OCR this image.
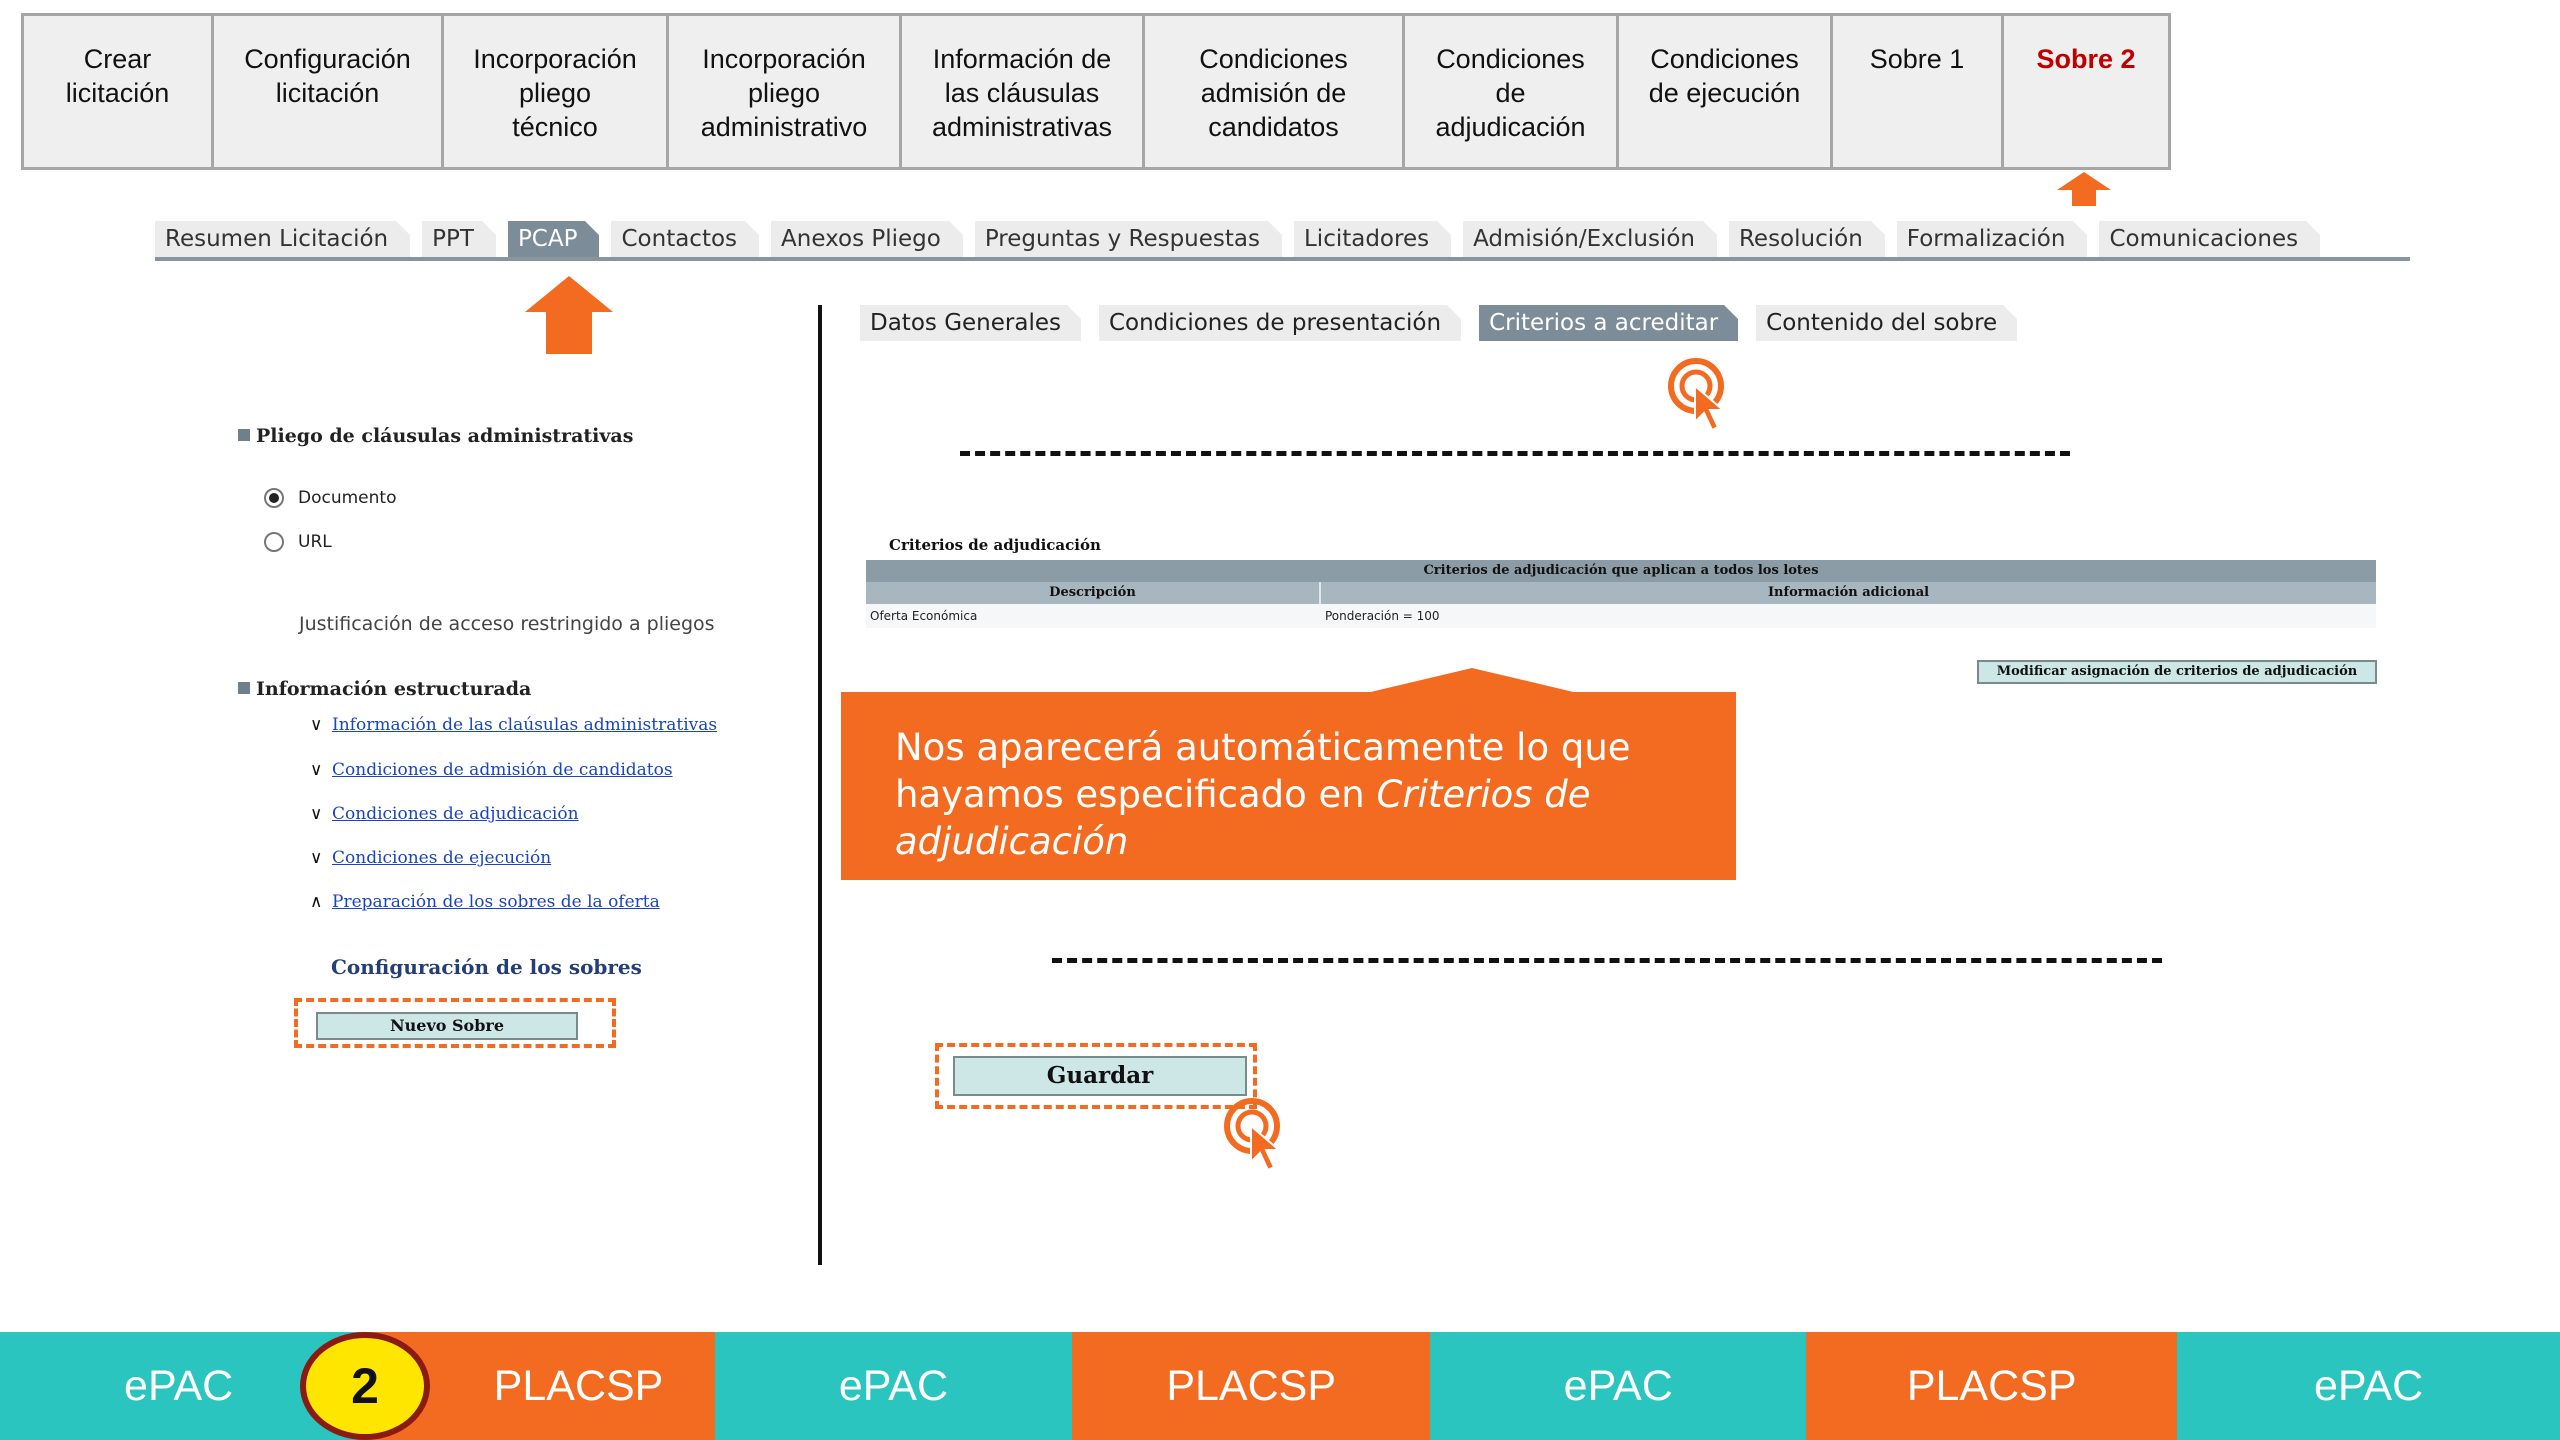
Crear
licitación
Configuración
licitación
Incorporación
pliego
técnico
Incorporación
pliego
administrativo
Información de
las cláusulas
administrativas
Condiciones
admisión de
candidatos
Condiciones
de
adjudicación
Condiciones
de ejecución
Sobre 1	Sobre 2
Resumen Licitación	PPT	PCAP	Contactos	Anexos Pliego	Preguntas y Respuestas	Licitadores	Admisión/Exclusión	Resolución	Formalización	Comunicaciones
Pliego de cláusulas administrativas
Documento
URL
Justificación de acceso restringido a pliegos
Información estructurada
∨ Información de las claúsulas administrativas
∨ Condiciones de admisión de candidatos
∨ Condiciones de adjudicación
∨ Condiciones de ejecución
∧ Preparación de los sobres de la oferta
Configuración de los sobres
Nuevo Sobre
Datos Generales	Condiciones de presentación	Criterios a acreditar	Contenido del sobre
Criterios de adjudicación
Criterios de adjudicación que aplican a todos los lotes
Descripción	Información adicional
Oferta Económica	Ponderación = 100
Modificar asignación de criterios de adjudicación
Nos aparecerá automáticamente lo que
hayamos especificado en Criterios de
adjudicación
Guardar
ePAC	PLACSP	ePAC	PLACSP	ePAC	PLACSP	ePAC
2
